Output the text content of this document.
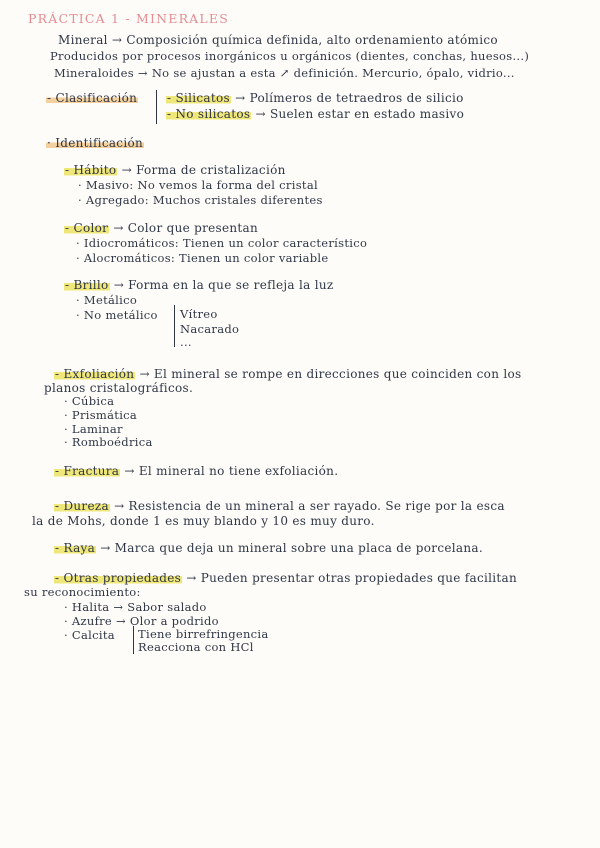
PRÁCTICA 1 - MINERALES
Mineral → Composición química definida, alto ordenamiento atómico
Producidos por procesos inorgánicos u orgánicos (dientes, conchas, huesos...)
Mineraloides → No se ajustan a esta ↗ definición. Mercurio, ópalo, vidrio...
- Clasificación - Silicatos → Polímeros de tetraedros de silicio
- No silicatos → Suelen estar en estado masivo
· Identificación
- Hábito → Forma de cristalización
· Masivo: No vemos la forma del cristal
· Agregado: Muchos cristales diferentes
- Color → Color que presentan
· Idiocromáticos: Tienen un color característico
· Alocromáticos: Tienen un color variable
- Brillo → Forma en la que se refleja la luz
· Metálico
· No metálico Vítreo
Nacarado
...
- Exfoliación → El mineral se rompe en direcciones que coinciden con los
planos cristalográficos.
· Cúbica
· Prismática
· Laminar
· Romboédrica
- Fractura → El mineral no tiene exfoliación.
- Dureza → Resistencia de un mineral a ser rayado. Se rige por la esca
la de Mohs, donde 1 es muy blando y 10 es muy duro.
- Raya → Marca que deja un mineral sobre una placa de porcelana.
- Otras propiedades → Pueden presentar otras propiedades que facilitan
su reconocimiento:
· Halita → Sabor salado
· Azufre → Olor a podrido
· Calcita Tiene birrefringencia
Reacciona con HCl
